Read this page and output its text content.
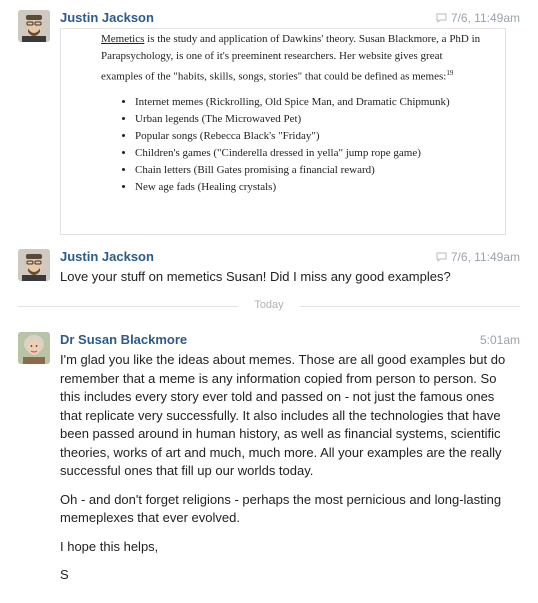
Justin Jackson	7/6, 11:49am

Memetics is the study and application of Dawkins' theory. Susan Blackmore, a PhD in Parapsychology, is one of it's preeminent researchers. Her website gives great examples of the "habits, skills, songs, stories" that could be defined as memes:$^{19}$

• Internet memes (Rickrolling, Old Spice Man, and Dramatic Chipmunk)
• Urban legends (The Microwaved Pet)
• Popular songs (Rebecca Black's "Friday")
• Children's games ("Cinderella dressed in yella" jump rope game)
• Chain letters (Bill Gates promising a financial reward)
• New age fads (Healing crystals)
Justin Jackson	7/6, 11:49am
Love your stuff on memetics Susan! Did I miss any good examples?
Today
Dr Susan Blackmore	5:01am

I'm glad you like the ideas about memes. Those are all good examples but do remember that a meme is any information copied from person to person. So this includes every story ever told and passed on - not just the famous ones that replicate very successfully. It also includes all the technologies that have been passed around in human history, as well as financial systems, scientific theories, works of art and much, much more. All your examples are the really successful ones that fill up our worlds today.

Oh - and don't forget religions - perhaps the most pernicious and long-lasting memeplexes that ever evolved.

I hope this helps,

S
